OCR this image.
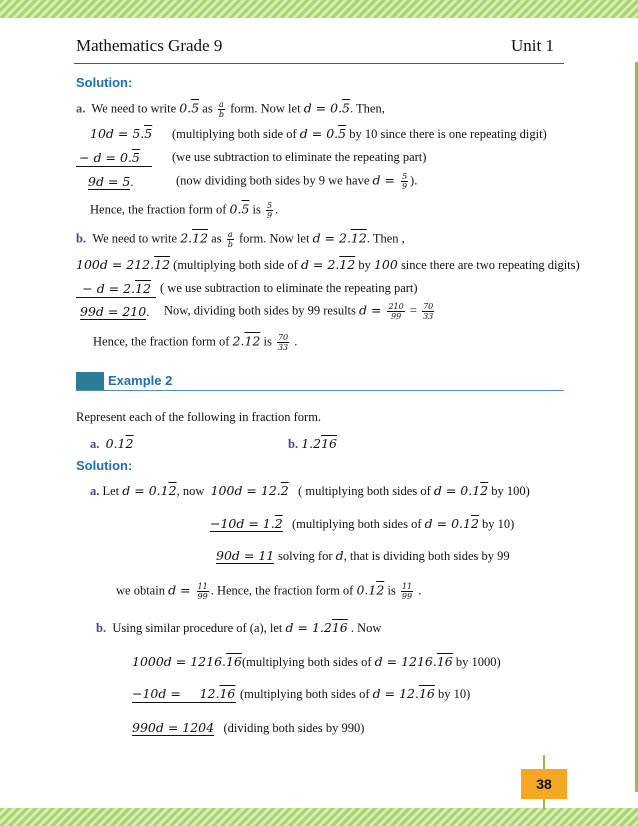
Mathematics Grade 9	Unit 1
Solution:
a. We need to write 0.5 as $\frac{a}{b}$ form. Now let d = 0.5. Then,
10d = 5.5 (multiplying both side of d = 0.5 by 10 since there is one repeating digit)
− d = 0.5	(we use subtraction to eliminate the repeating part)
9d = 5.	(now dividing both sides by 9 we have $d = \frac{5}{9}$ ).
Hence, the fraction form of 0.5 is $\frac{5}{9}$ .
b. We need to write 2.12 as $\frac{a}{b}$ form. Now let d = 2.12. Then ,
100d = 212.12 (multiplying both side of d = 2.12 by 100 since there are two repeating digits)
− d = 2.12 ( we use subtraction to eliminate the repeating part)
99d = 210. Now, dividing both sides by 99 results $d = \frac{210}{99} = \frac{70}{33}$
Hence, the fraction form of 2.12 is $\frac{70}{33}$ .
Example 2
Represent each of the following in fraction form.
a. 0.12	b. 1.216
Solution:
a. Let d = 0.12, now  100d = 12.2 ( multiplying both sides of d = 0.12 by 100)
−10d = 1.2 (multiplying both sides of d = 0.12 by 10)
90d = 11 solving for d, that is dividing both sides by 99
we obtain $d = \frac{11}{99}$ . Hence, the fraction form of 0.12 is $\frac{11}{99}$ .
b. Using similar procedure of (a), let d = 1.216 . Now
1000d = 1216.16 (multiplying both sides of d = 1216.16 by 1000)
−10d = 12.16 (multiplying both sides of d = 12.16 by 10)
990d = 1204 (dividing both sides by 990)
38
